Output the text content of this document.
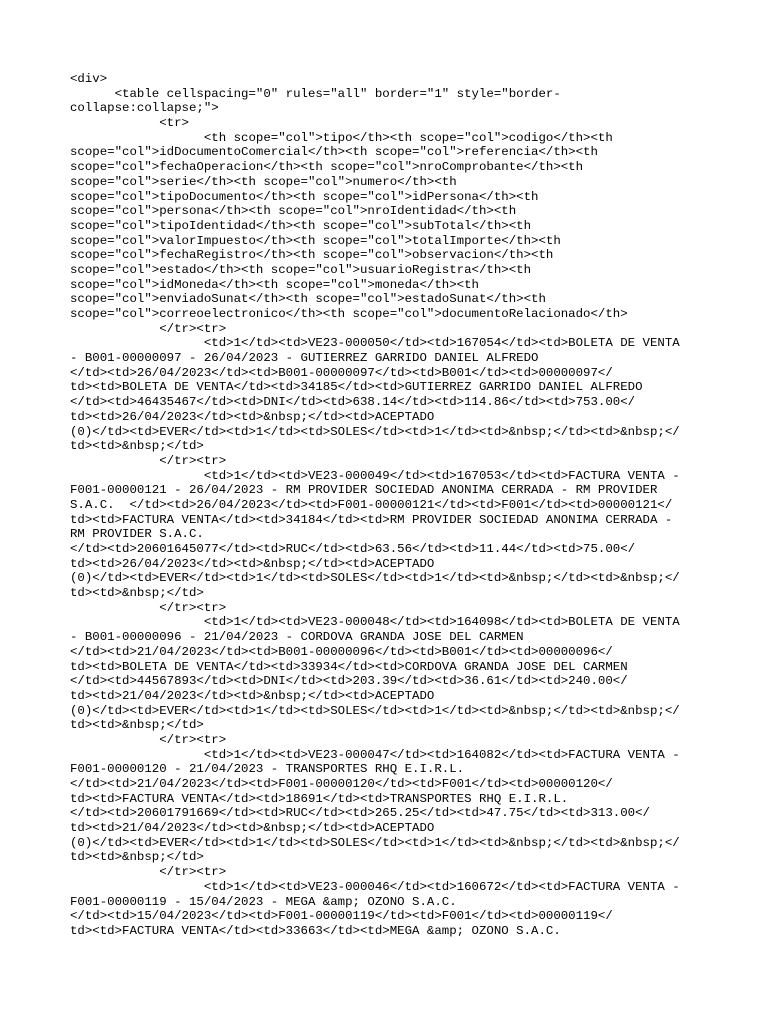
<div>
<table cellspacing="0" rules="all" border="1" style="border-
collapse:collapse;">
<tr>
<th scope="col">tipo</th><th scope="col">codigo</th><th
scope="col">idDocumentoComercial</th><th scope="col">referencia</th><th
scope="col">fechaOperacion</th><th scope="col">nroComprobante</th><th
scope="col">serie</th><th scope="col">numero</th><th
scope="col">tipoDocumento</th><th scope="col">idPersona</th><th
scope="col">persona</th><th scope="col">nroIdentidad</th><th
scope="col">tipoIdentidad</th><th scope="col">subTotal</th><th
scope="col">valorImpuesto</th><th scope="col">totalImporte</th><th
scope="col">fechaRegistro</th><th scope="col">observacion</th><th
scope="col">estado</th><th scope="col">usuarioRegistra</th><th
scope="col">idMoneda</th><th scope="col">moneda</th><th
scope="col">enviadoSunat</th><th scope="col">estadoSunat</th><th
scope="col">correoelectronico</th><th scope="col">documentoRelacionado</th>
</tr><tr>
<td>1</td><td>VE23-000050</td><td>167054</td><td>BOLETA DE VENTA
- B001-00000097 - 26/04/2023 - GUTIERREZ GARRIDO DANIEL ALFREDO
</td><td>26/04/2023</td><td>B001-00000097</td><td>B001</td><td>00000097</
td><td>BOLETA DE VENTA</td><td>34185</td><td>GUTIERREZ GARRIDO DANIEL ALFREDO
</td><td>46435467</td><td>DNI</td><td>638.14</td><td>114.86</td><td>753.00</
td><td>26/04/2023</td><td>&nbsp;</td><td>ACEPTADO
(0)</td><td>EVER</td><td>1</td><td>SOLES</td><td>1</td><td>&nbsp;</td><td>&nbsp;</
td><td>&nbsp;</td>
</tr><tr>
<td>1</td><td>VE23-000049</td><td>167053</td><td>FACTURA VENTA -
F001-00000121 - 26/04/2023 - RM PROVIDER SOCIEDAD ANONIMA CERRADA - RM PROVIDER
S.A.C.  </td><td>26/04/2023</td><td>F001-00000121</td><td>F001</td><td>00000121</
td><td>FACTURA VENTA</td><td>34184</td><td>RM PROVIDER SOCIEDAD ANONIMA CERRADA -
RM PROVIDER S.A.C.
</td><td>20601645077</td><td>RUC</td><td>63.56</td><td>11.44</td><td>75.00</
td><td>26/04/2023</td><td>&nbsp;</td><td>ACEPTADO
(0)</td><td>EVER</td><td>1</td><td>SOLES</td><td>1</td><td>&nbsp;</td><td>&nbsp;</
td><td>&nbsp;</td>
</tr><tr>
<td>1</td><td>VE23-000048</td><td>164098</td><td>BOLETA DE VENTA
- B001-00000096 - 21/04/2023 - CORDOVA GRANDA JOSE DEL CARMEN
</td><td>21/04/2023</td><td>B001-00000096</td><td>B001</td><td>00000096</
td><td>BOLETA DE VENTA</td><td>33934</td><td>CORDOVA GRANDA JOSE DEL CARMEN
</td><td>44567893</td><td>DNI</td><td>203.39</td><td>36.61</td><td>240.00</
td><td>21/04/2023</td><td>&nbsp;</td><td>ACEPTADO
(0)</td><td>EVER</td><td>1</td><td>SOLES</td><td>1</td><td>&nbsp;</td><td>&nbsp;</
td><td>&nbsp;</td>
</tr><tr>
<td>1</td><td>VE23-000047</td><td>164082</td><td>FACTURA VENTA -
F001-00000120 - 21/04/2023 - TRANSPORTES RHQ E.I.R.L.
</td><td>21/04/2023</td><td>F001-00000120</td><td>F001</td><td>00000120</
td><td>FACTURA VENTA</td><td>18691</td><td>TRANSPORTES RHQ E.I.R.L.
</td><td>20601791669</td><td>RUC</td><td>265.25</td><td>47.75</td><td>313.00</
td><td>21/04/2023</td><td>&nbsp;</td><td>ACEPTADO
(0)</td><td>EVER</td><td>1</td><td>SOLES</td><td>1</td><td>&nbsp;</td><td>&nbsp;</
td><td>&nbsp;</td>
</tr><tr>
<td>1</td><td>VE23-000046</td><td>160672</td><td>FACTURA VENTA -
F001-00000119 - 15/04/2023 - MEGA &amp; OZONO S.A.C.
</td><td>15/04/2023</td><td>F001-00000119</td><td>F001</td><td>00000119</
td><td>FACTURA VENTA</td><td>33663</td><td>MEGA &amp; OZONO S.A.C.
